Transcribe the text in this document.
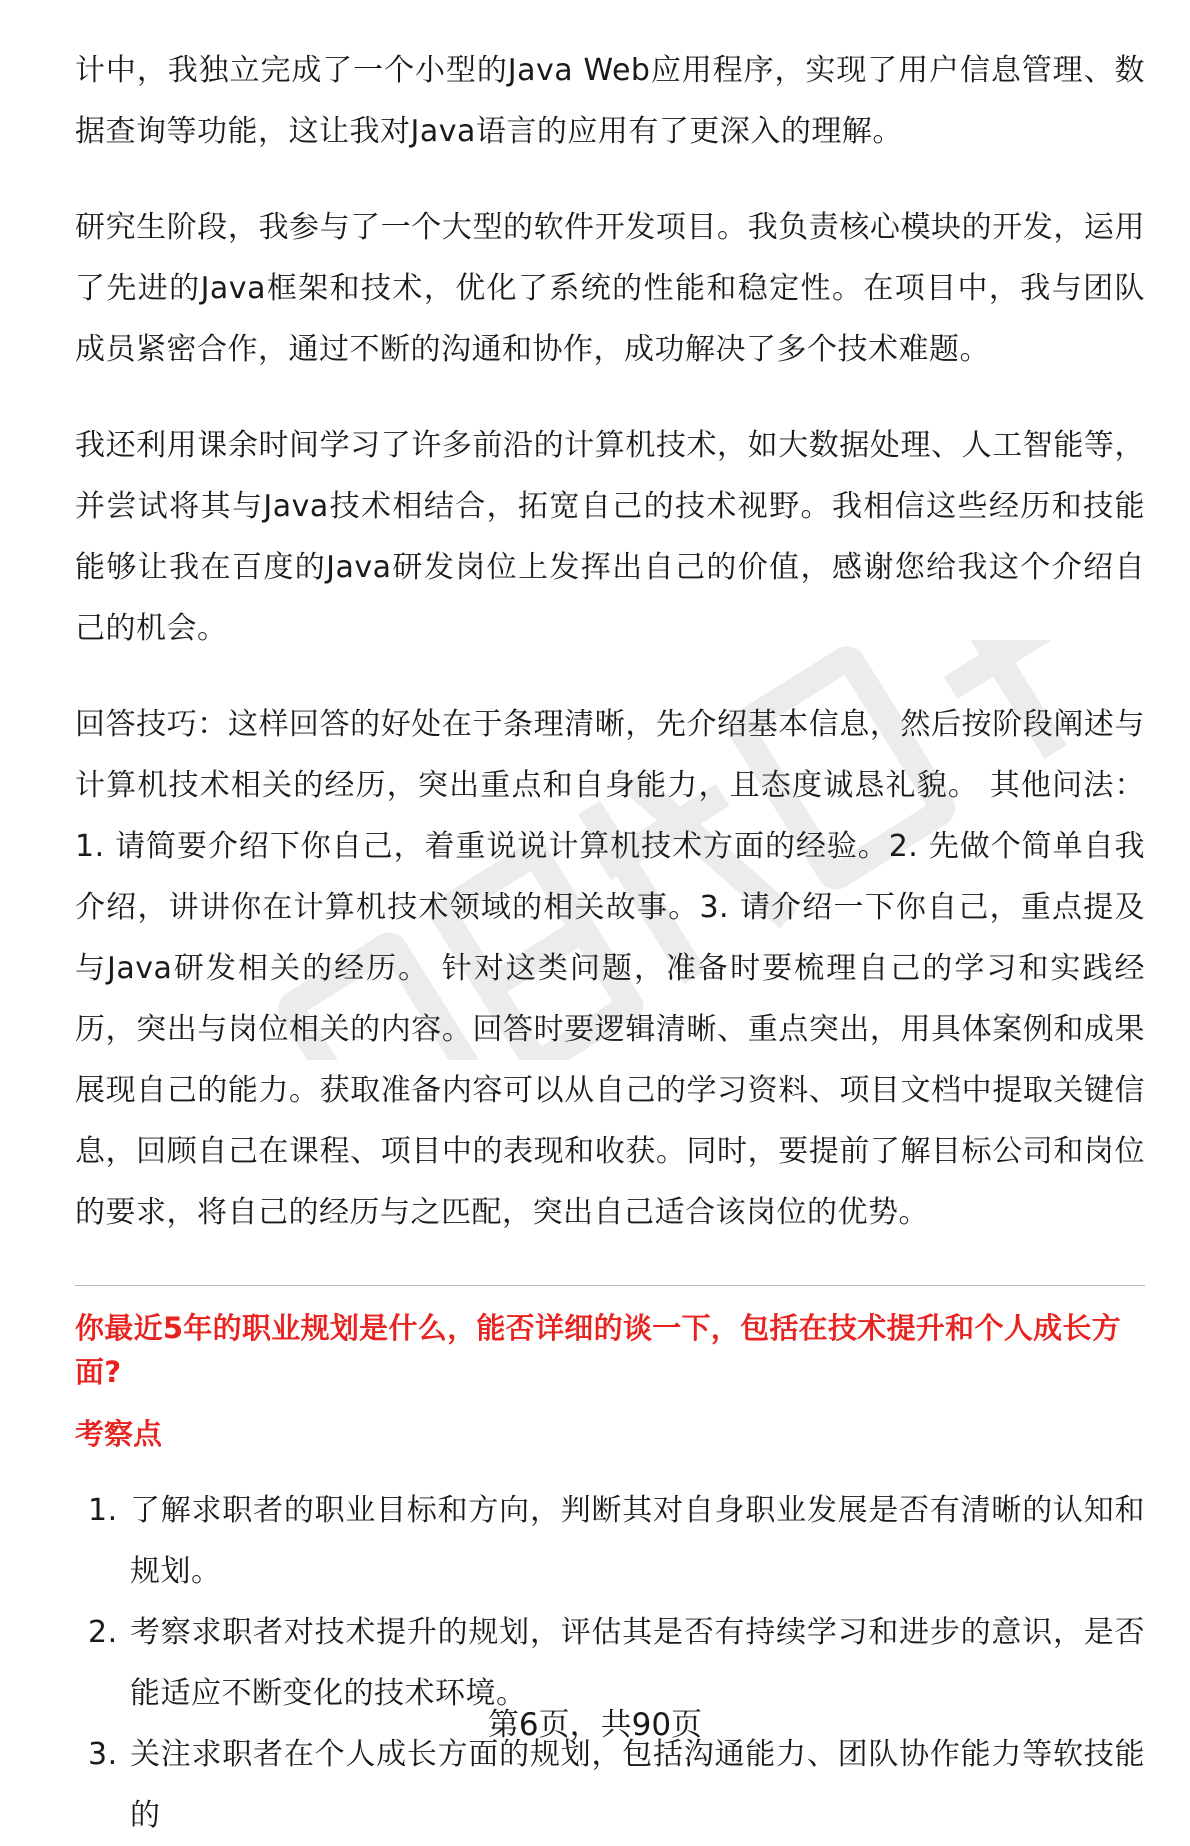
计中，我独立完成了一个小型的Java Web应用程序，实现了用户信息管理、数据查询等功能，这让我对Java语言的应用有了更深入的理解。

研究生阶段，我参与了一个大型的软件开发项目。我负责核心模块的开发，运用了先进的Java框架和技术，优化了系统的性能和稳定性。在项目中，我与团队成员紧密合作，通过不断的沟通和协作，成功解决了多个技术难题。

我还利用课余时间学习了许多前沿的计算机技术，如大数据处理、人工智能等，并尝试将其与Java技术相结合，拓宽自己的技术视野。我相信这些经历和技能能够让我在百度的Java研发岗位上发挥出自己的价值，感谢您给我这个介绍自己的机会。

回答技巧：这样回答的好处在于条理清晰，先介绍基本信息，然后按阶段阐述与计算机技术相关的经历，突出重点和自身能力，且态度诚恳礼貌。 其他问法：1. 请简要介绍下你自己，着重说说计算机技术方面的经验。2. 先做个简单自我介绍，讲讲你在计算机技术领域的相关故事。3. 请介绍一下你自己，重点提及与Java研发相关的经历。 针对这类问题，准备时要梳理自己的学习和实践经历，突出与岗位相关的内容。回答时要逻辑清晰、重点突出，用具体案例和成果展现自己的能力。获取准备内容可以从自己的学习资料、项目文档中提取关键信息，回顾自己在课程、项目中的表现和收获。同时，要提前了解目标公司和岗位的要求，将自己的经历与之匹配，突出自己适合该岗位的优势。

你最近5年的职业规划是什么，能否详细的谈一下，包括在技术提升和个人成长方面?

考察点

1. 了解求职者的职业目标和方向，判断其对自身职业发展是否有清晰的认知和规划。
2. 考察求职者对技术提升的规划，评估其是否有持续学习和进步的意识，是否能适应不断变化的技术环境。
3. 关注求职者在个人成长方面的规划，包括沟通能力、团队协作能力等软技能的
第6页，共90页
